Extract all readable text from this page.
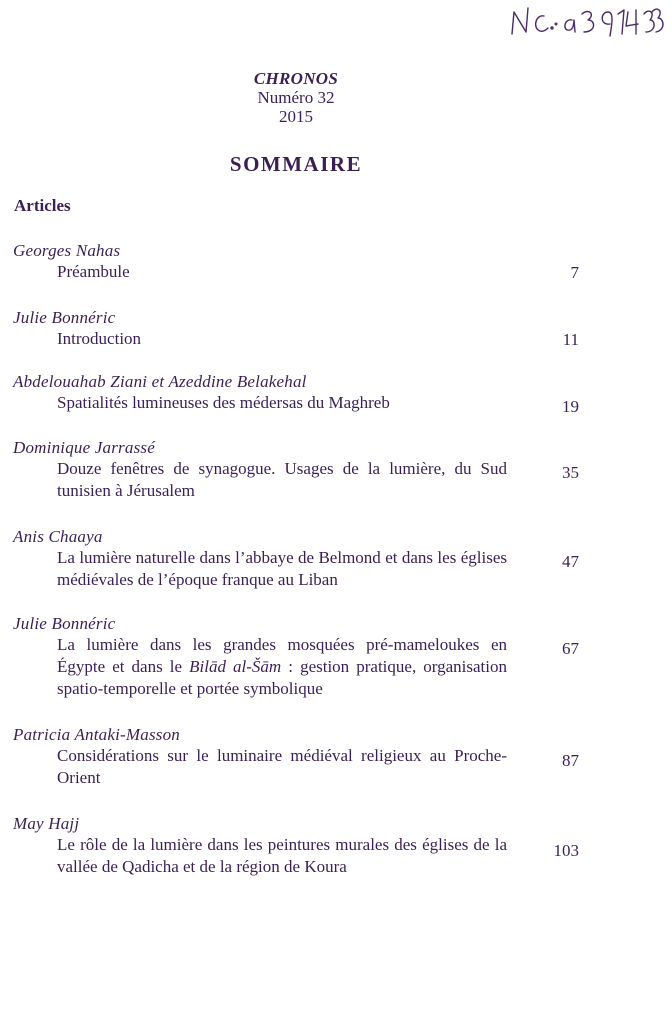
CHRONOS
Numéro 32
2015
SOMMAIRE
Articles
Georges Nahas
Préambule	7
Julie Bonnéric
Introduction	11
Abdelouahab Ziani et Azeddine Belakehal
Spatialités lumineuses des médersas du Maghreb	19
Dominique Jarrassé
Douze fenêtres de synagogue. Usages de la lumière, du Sud tunisien à Jérusalem
35
Anis Chaaya
La lumière naturelle dans l’abbaye de Belmond et dans les églises médiévales de l’époque franque au Liban
47
Julie Bonnéric
La lumière dans les grandes mosquées pré-mameloukes en Égypte et dans le Bilād al-Šām : gestion pratique, organisation spatio-temporelle et portée symbolique
67
Patricia Antaki-Masson
Considérations sur le luminaire médiéval religieux au Proche-Orient
87
May Hajj
Le rôle de la lumière dans les peintures murales des églises de la vallée de Qadicha et de la région de Koura
103
